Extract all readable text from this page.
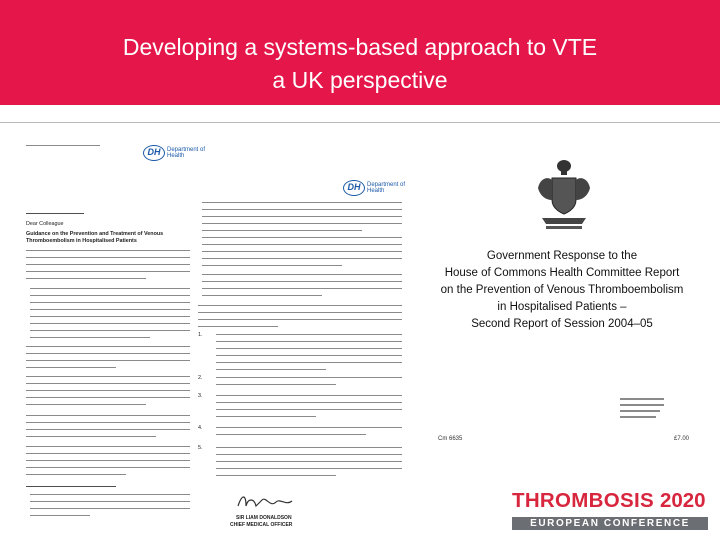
Developing a systems-based approach to VTE
a UK perspective
DH	Department of Health
Dear Colleague
Guidance on the Prevention and Treatment of Venous Thromboembolism in Hospitalised Patients
DH	Department of Health
1.
2.
3.
4.
5.
SIR LIAM DONALDSON
CHIEF MEDICAL OFFICER
Government Response to the
House of Commons Health Committee Report
on the Prevention of Venous Thromboembolism
in Hospitalised Patients –
Second Report of Session 2004–05
Cm 6635	£7.00
THROMBOSIS 2020
EUROPEAN CONFERENCE
